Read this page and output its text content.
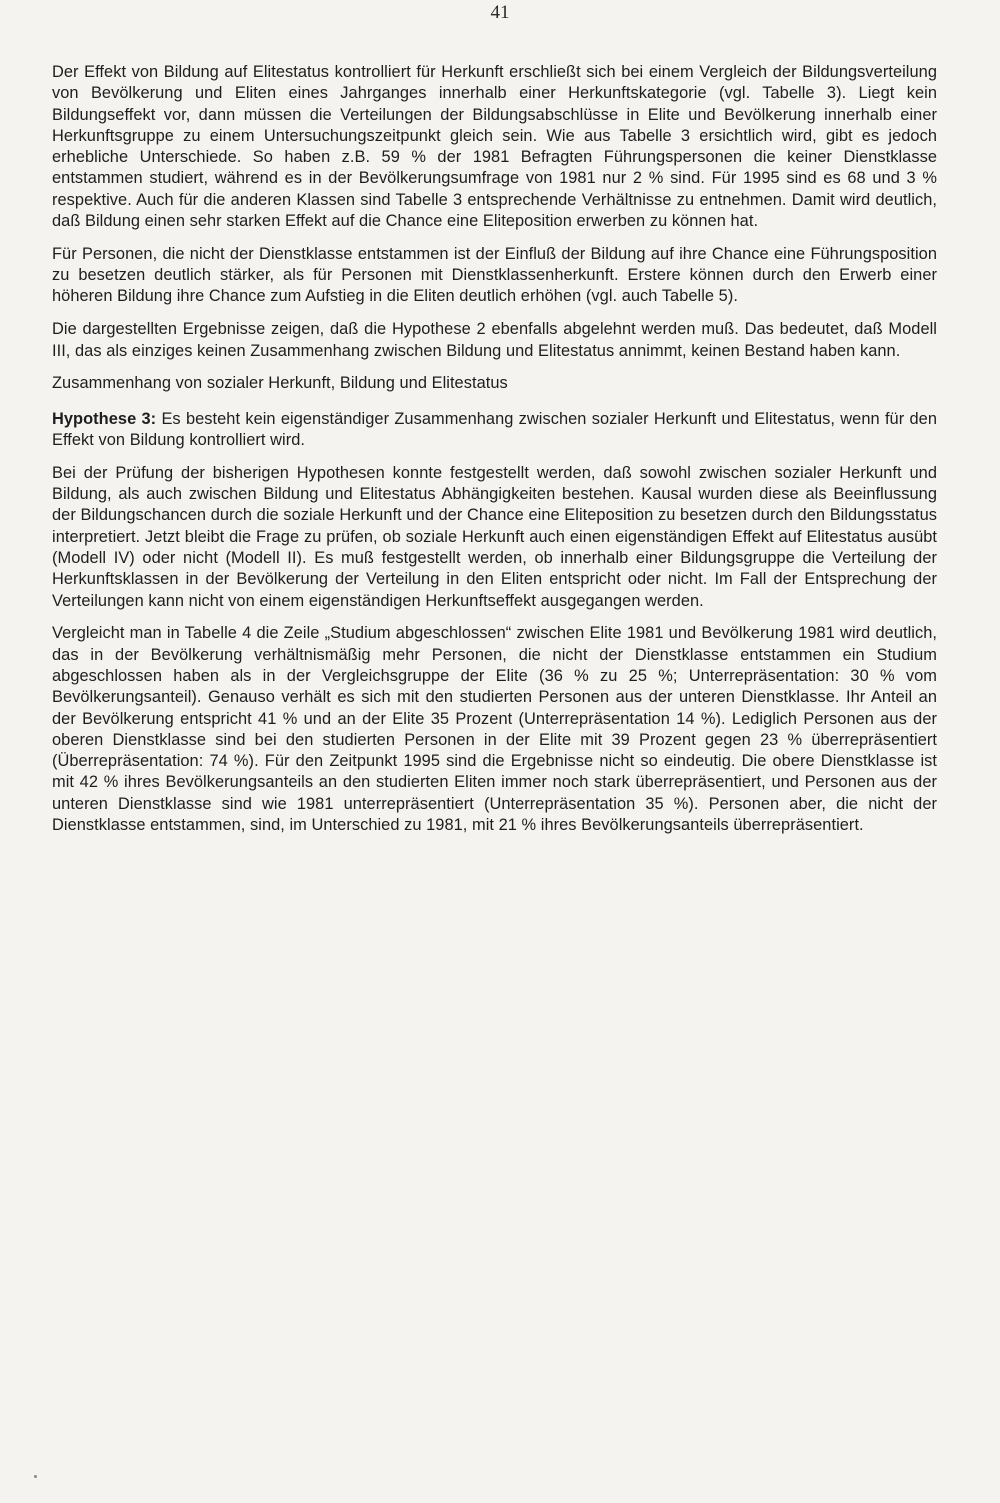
41

Der Effekt von Bildung auf Elitestatus kontrolliert für Herkunft erschließt sich bei einem Vergleich der Bildungsverteilung von Bevölkerung und Eliten eines Jahrganges innerhalb einer Herkunftskategorie (vgl. Tabelle 3). Liegt kein Bildungseffekt vor, dann müssen die Verteilungen der Bildungsabschlüsse in Elite und Bevölkerung innerhalb einer Herkunftsgruppe zu einem Untersuchungszeitpunkt gleich sein. Wie aus Tabelle 3 ersichtlich wird, gibt es jedoch erhebliche Unterschiede. So haben z.B. 59 % der 1981 Befragten Führungspersonen die keiner Dienstklasse entstammen studiert, während es in der Bevölkerungsumfrage von 1981 nur 2 % sind. Für 1995 sind es 68 und 3 % respektive. Auch für die anderen Klassen sind Tabelle 3 entsprechende Verhältnisse zu entnehmen. Damit wird deutlich, daß Bildung einen sehr starken Effekt auf die Chance eine Eliteposition erwerben zu können hat.

Für Personen, die nicht der Dienstklasse entstammen ist der Einfluß der Bildung auf ihre Chance eine Führungsposition zu besetzen deutlich stärker, als für Personen mit Dienstklassenherkunft. Erstere können durch den Erwerb einer höheren Bildung ihre Chance zum Aufstieg in die Eliten deutlich erhöhen (vgl. auch Tabelle 5).

Die dargestellten Ergebnisse zeigen, daß die Hypothese 2 ebenfalls abgelehnt werden muß. Das bedeutet, daß Modell III, das als einziges keinen Zusammenhang zwischen Bildung und Elitestatus annimmt, keinen Bestand haben kann.

Zusammenhang von sozialer Herkunft, Bildung und Elitestatus

Hypothese 3: Es besteht kein eigenständiger Zusammenhang zwischen sozialer Herkunft und Elitestatus, wenn für den Effekt von Bildung kontrolliert wird.

Bei der Prüfung der bisherigen Hypothesen konnte festgestellt werden, daß sowohl zwischen sozialer Herkunft und Bildung, als auch zwischen Bildung und Elitestatus Abhängigkeiten bestehen. Kausal wurden diese als Beeinflussung der Bildungschancen durch die soziale Herkunft und der Chance eine Eliteposition zu besetzen durch den Bildungsstatus interpretiert. Jetzt bleibt die Frage zu prüfen, ob soziale Herkunft auch einen eigenständigen Effekt auf Elitestatus ausübt (Modell IV) oder nicht (Modell II). Es muß festgestellt werden, ob innerhalb einer Bildungsgruppe die Verteilung der Herkunftsklassen in der Bevölkerung der Verteilung in den Eliten entspricht oder nicht. Im Fall der Entsprechung der Verteilungen kann nicht von einem eigenständigen Herkunftseffekt ausgegangen werden.

Vergleicht man in Tabelle 4 die Zeile „Studium abgeschlossen“ zwischen Elite 1981 und Bevölkerung 1981 wird deutlich, das in der Bevölkerung verhältnismäßig mehr Personen, die nicht der Dienstklasse entstammen ein Studium abgeschlossen haben als in der Vergleichsgruppe der Elite (36 % zu 25 %; Unterrepräsentation: 30 % vom Bevölkerungsanteil). Genauso verhält es sich mit den studierten Personen aus der unteren Dienstklasse. Ihr Anteil an der Bevölkerung entspricht 41 % und an der Elite 35 Prozent (Unterrepräsentation 14 %). Lediglich Personen aus der oberen Dienstklasse sind bei den studierten Personen in der Elite mit 39 Prozent gegen 23 % überrepräsentiert (Überrepräsentation: 74 %). Für den Zeitpunkt 1995 sind die Ergebnisse nicht so eindeutig. Die obere Dienstklasse ist mit 42 % ihres Bevölkerungsanteils an den studierten Eliten immer noch stark überrepräsentiert, und Personen aus der unteren Dienstklasse sind wie 1981 unterrepräsentiert (Unterrepräsentation 35 %). Personen aber, die nicht der Dienstklasse entstammen, sind, im Unterschied zu 1981, mit 21 % ihres Bevölkerungsanteils überrepräsentiert.
